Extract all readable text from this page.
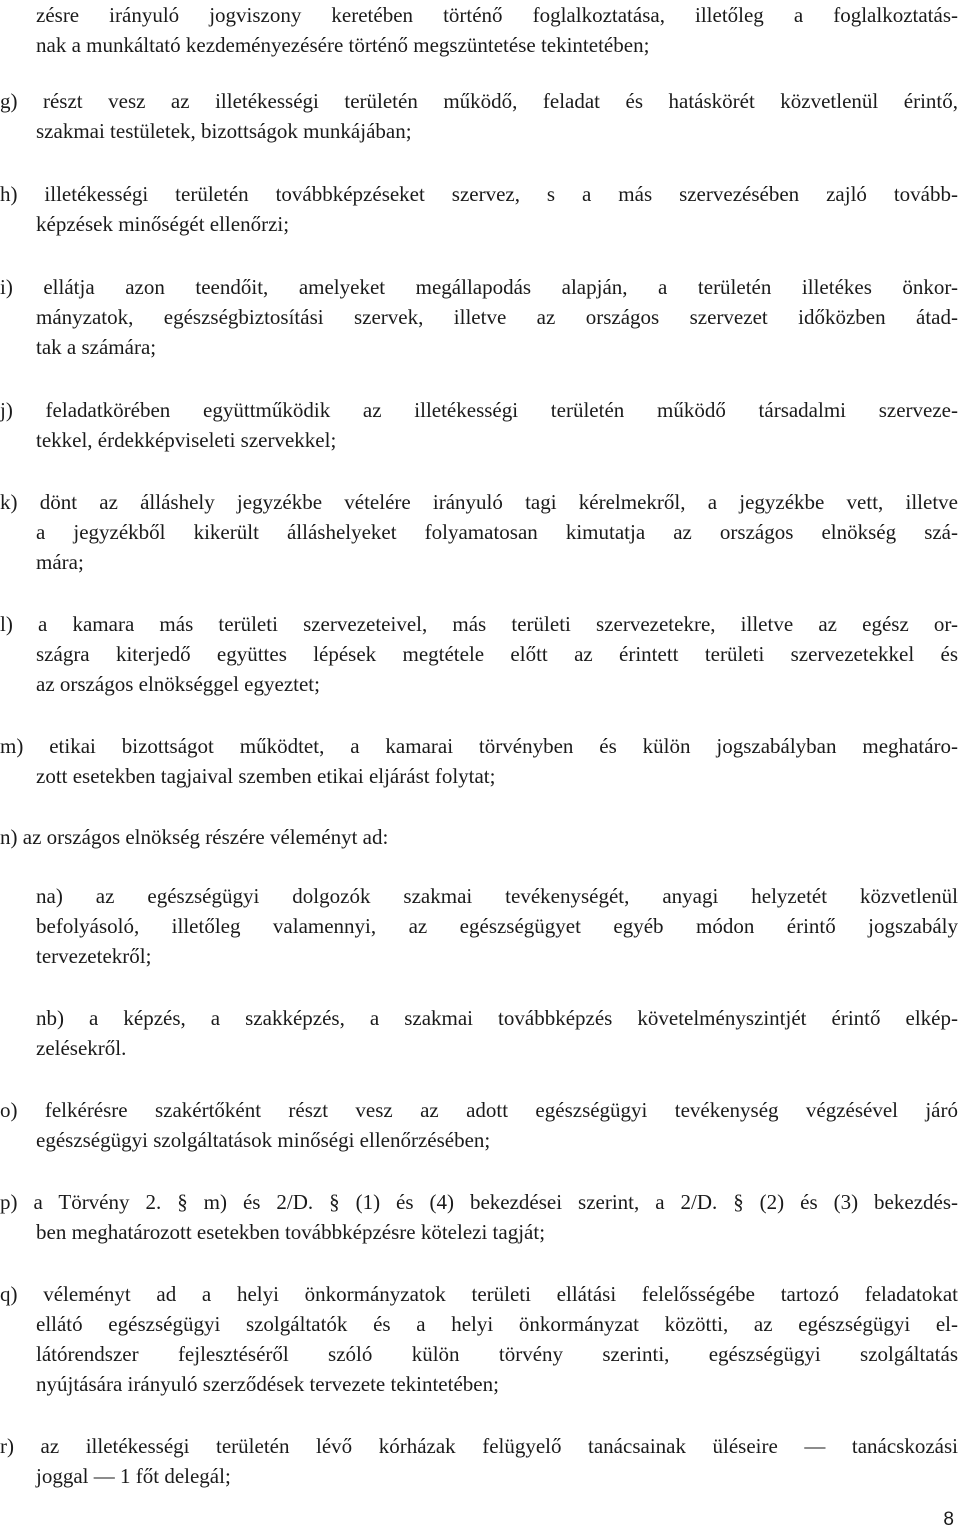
zésre irányuló jogviszony keretében történő foglalkoztatása, illetőleg a foglalkoztatás-
nak a munkáltató kezdeményezésére történő megszüntetése tekintetében;
g) részt vesz az illetékességi területén működő, feladat és hatáskörét közvetlenül érintő,
szakmai testületek, bizottságok munkájában;
h) illetékességi területén továbbképzéseket szervez, s a más szervezésében zajló tovább-
képzések minőségét ellenőrzi;
i) ellátja azon teendőit, amelyeket megállapodás alapján, a területén illetékes önkor-
mányzatok, egészségbiztosítási szervek, illetve az országos szervezet időközben átad-
tak a számára;
j) feladatkörében együttműködik az illetékességi területén működő társadalmi szerveze-
tekkel, érdekképviseleti szervekkel;
k) dönt az álláshely jegyzékbe vételére irányuló tagi kérelmekről, a jegyzékbe vett, illetve
a jegyzékből kikerült álláshelyeket folyamatosan kimutatja az országos elnökség szá-
mára;
l) a kamara más területi szervezeteivel, más területi szervezetekre, illetve az egész or-
szágra kiterjedő együttes lépések megtétele előtt az érintett területi szervezetekkel és
az országos elnökséggel egyeztet;
m) etikai bizottságot működtet, a kamarai törvényben és külön jogszabályban meghatáro-
zott esetekben tagjaival szemben etikai eljárást folytat;
n) az országos elnökség részére véleményt ad:
na) az egészségügyi dolgozók szakmai tevékenységét, anyagi helyzetét közvetlenül
befolyásoló, illetőleg valamennyi, az egészségügyet egyéb módon érintő jogszabály
tervezetekről;
nb) a képzés, a szakképzés, a szakmai továbbképzés követelményszintjét érintő elkép-
zelésekről.
o) felkérésre szakértőként részt vesz az adott egészségügyi tevékenység végzésével járó
egészségügyi szolgáltatások minőségi ellenőrzésében;
p) a Törvény 2. § m) és 2/D. § (1) és (4) bekezdései szerint, a 2/D. § (2) és (3) bekezdés-
ben meghatározott esetekben továbbképzésre kötelezi tagját;
q) véleményt ad a helyi önkormányzatok területi ellátási felelősségébe tartozó feladatokat
ellátó egészségügyi szolgáltatók és a helyi önkormányzat közötti, az egészségügyi el-
látórendszer fejlesztéséről szóló külön törvény szerinti, egészségügyi szolgáltatás
nyújtására irányuló szerződések tervezete tekintetében;
r) az illetékességi területén lévő kórházak felügyelő tanácsainak üléseire — tanácskozási
joggal — 1 főt delegál;
8
